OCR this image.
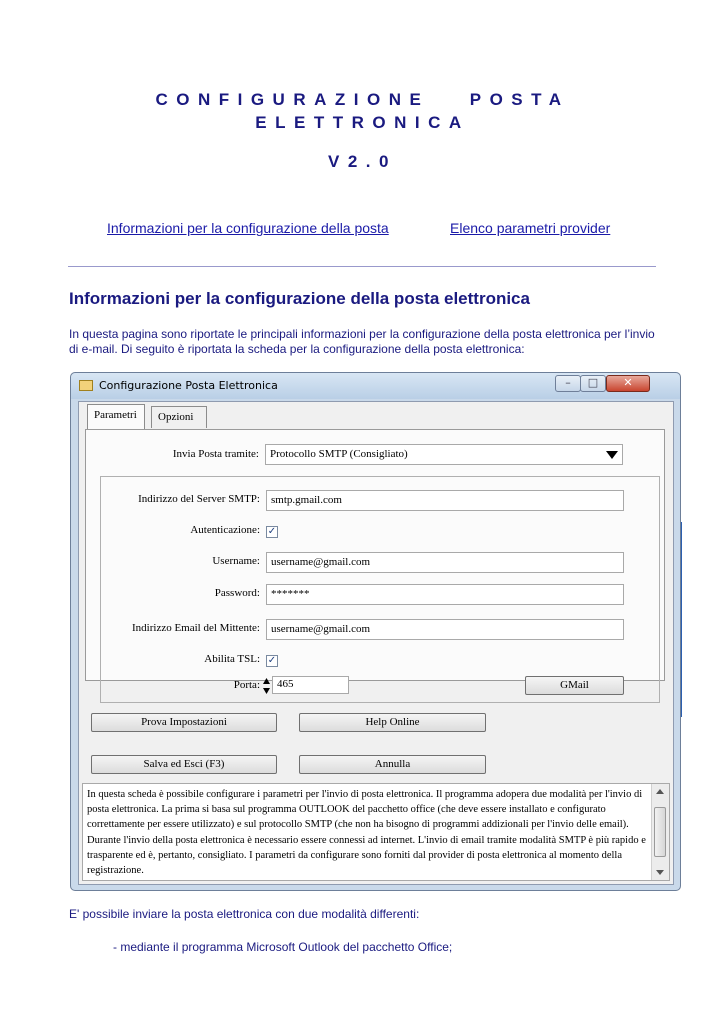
CONFIGURAZIONE POSTA
ELETTRONICA
V2.0
Informazioni per la configurazione della posta	Elenco parametri provider
Informazioni per la configurazione della posta elettronica
In questa pagina sono riportate le principali informazioni per la configurazione della posta elettronica per l’invio di e-mail. Di seguito è riportata la scheda per la configurazione della posta elettronica:
Configurazione Posta Elettronica	–	□	✕
Parametri	Opzioni
Invia Posta tramite:	Protocollo SMTP (Consigliato)
Indirizzo del Server SMTP:	smtp.gmail.com
Autenticazione: ✓
Username:	username@gmail.com
Password:	*******
Indirizzo Email del Mittente:	username@gmail.com
Abilita TSL: ✓
Porta:	465	GMail
Prova Impostazioni	Help Online
Salva ed Esci (F3)	Annulla
In questa scheda è possibile configurare i parametri per l'invio di posta elettronica. Il programma adopera due modalità per l'invio di posta elettronica. La prima si basa sul programma OUTLOOK del pacchetto office (che deve essere installato e configurato correttamente per essere utilizzato) e sul protocollo SMTP (che non ha bisogno di programmi addizionali per l'invio delle email). Durante l'invio della posta elettronica è necessario essere connessi ad internet. L'invio di email tramite modalità SMTP è più rapido e trasparente ed è, pertanto, consigliato. I parametri da configurare sono forniti dal provider di posta elettronica al momento della registrazione.
E' possibile inviare la posta elettronica con due modalità differenti:
- mediante il programma Microsoft Outlook del pacchetto Office;
